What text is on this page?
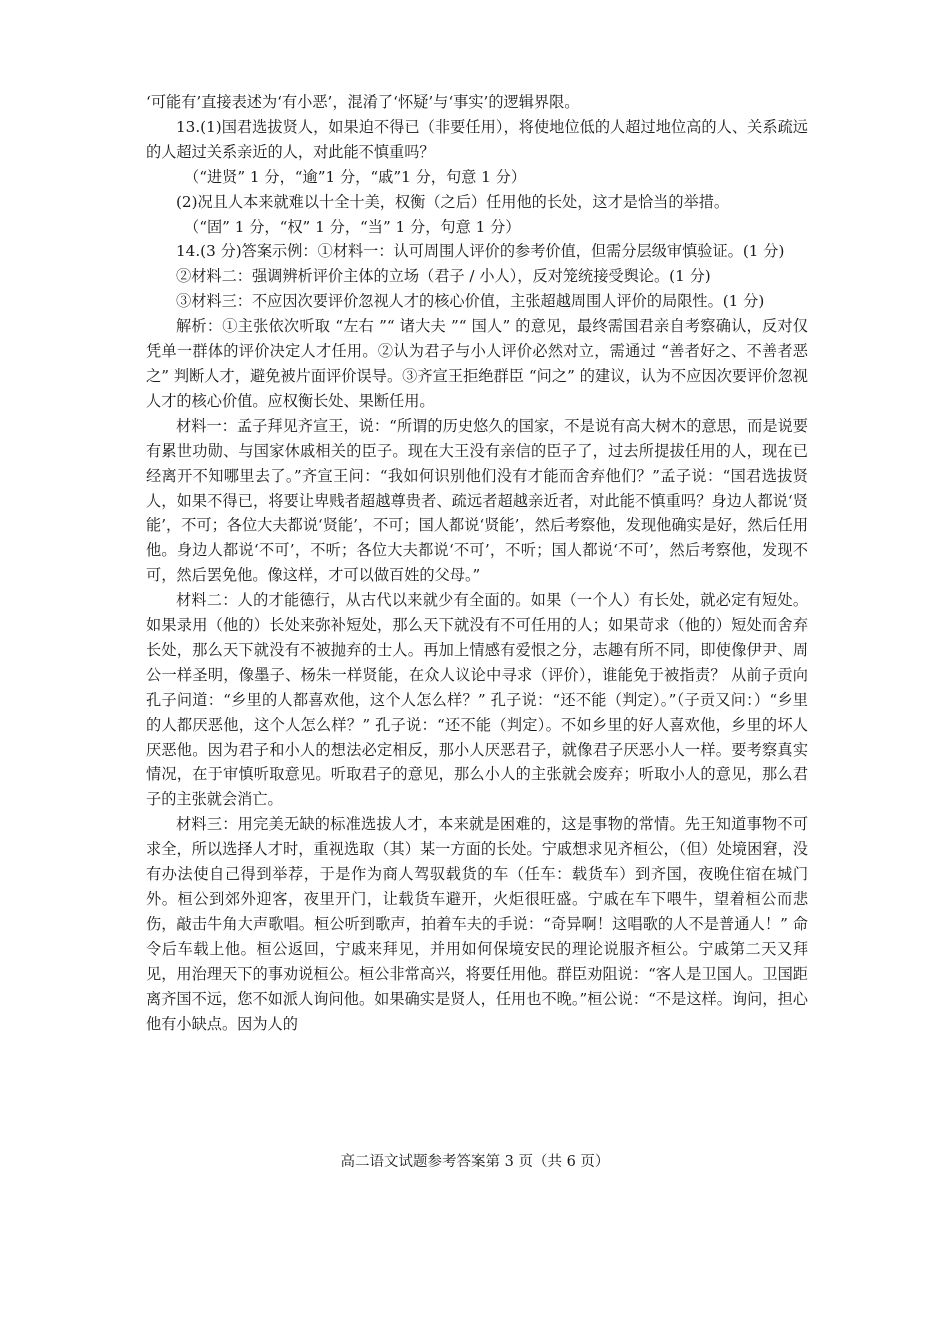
‘可能有’直接表述为‘有小恶’，混淆了‘怀疑’与‘事实’的逻辑界限。

13.(1)国君选拔贤人，如果迫不得已（非要任用），将使地位低的人超过地位高的人、关系疏远的人超过关系亲近的人，对此能不慎重吗？

（“进贤” 1 分，“逾”1 分，“戚”1 分，句意 1 分）

(2)况且人本来就难以十全十美，权衡（之后）任用他的长处，这才是恰当的举措。

（“固” 1 分，“权” 1 分，“当” 1 分，句意 1 分）

14.(3 分)答案示例：①材料一：认可周围人评价的参考价值，但需分层级审慎验证。(1 分)

②材料二：强调辨析评价主体的立场（君子 / 小人），反对笼统接受舆论。(1 分)

③材料三：不应因次要评价忽视人才的核心价值，主张超越周围人评价的局限性。(1 分)

解析：①主张依次听取 “左右 ”“ 诸大夫 ”“ 国人” 的意见，最终需国君亲自考察确认，反对仅凭单一群体的评价决定人才任用。②认为君子与小人评价必然对立，需通过 “善者好之、不善者恶之” 判断人才，避免被片面评价误导。③齐宣王拒绝群臣 “问之” 的建议，认为不应因次要评价忽视人才的核心价值。应权衡长处、果断任用。

材料一：孟子拜见齐宣王，说：“所谓的历史悠久的国家，不是说有高大树木的意思，而是说要有累世功勋、与国家休戚相关的臣子。现在大王没有亲信的臣子了，过去所提拔任用的人，现在已经离开不知哪里去了。”齐宣王问：“我如何识别他们没有才能而舍弃他们？”孟子说：“国君选拔贤人，如果不得已，将要让卑贱者超越尊贵者、疏远者超越亲近者，对此能不慎重吗？身边人都说‘贤能’，不可；各位大夫都说‘贤能’，不可；国人都说‘贤能’，然后考察他，发现他确实是好，然后任用他。身边人都说‘不可’，不听；各位大夫都说‘不可’，不听；国人都说‘不可’，然后考察他，发现不可，然后罢免他。像这样，才可以做百姓的父母。”

材料二：人的才能德行，从古代以来就少有全面的。如果（一个人）有长处，就必定有短处。如果录用（他的）长处来弥补短处，那么天下就没有不可任用的人；如果苛求（他的）短处而舍弃长处，那么天下就没有不被抛弃的士人。再加上情感有爱恨之分，志趣有所不同，即使像伊尹、周公一样圣明，像墨子、杨朱一样贤能，在众人议论中寻求（评价），谁能免于被指责？ 从前子贡向孔子问道：“乡里的人都喜欢他，这个人怎么样？” 孔子说：“还不能（判定）。”（子贡又问：）“乡里的人都厌恶他，这个人怎么样？” 孔子说：“还不能（判定）。不如乡里的好人喜欢他，乡里的坏人厌恶他。因为君子和小人的想法必定相反，那小人厌恶君子，就像君子厌恶小人一样。要考察真实情况，在于审慎听取意见。听取君子的意见，那么小人的主张就会废弃；听取小人的意见，那么君子的主张就会消亡。

材料三：用完美无缺的标准选拔人才，本来就是困难的，这是事物的常情。先王知道事物不可求全，所以选择人才时，重视选取（其）某一方面的长处。宁戚想求见齐桓公，（但）处境困窘，没有办法使自己得到举荐，于是作为商人驾驭载货的车（任车：载货车）到齐国，夜晚住宿在城门外。桓公到郊外迎客，夜里开门，让载货车避开，火炬很旺盛。宁戚在车下喂牛，望着桓公而悲伤，敲击牛角大声歌唱。桓公听到歌声，拍着车夫的手说：“奇异啊！这唱歌的人不是普通人！” 命令后车载上他。桓公返回，宁戚来拜见，并用如何保境安民的理论说服齐桓公。宁戚第二天又拜见，用治理天下的事劝说桓公。桓公非常高兴，将要任用他。群臣劝阻说：“客人是卫国人。卫国距离齐国不远，您不如派人询问他。如果确实是贤人，任用也不晚。”桓公说：“不是这样。询问，担心他有小缺点。因为人的

高二语文试题参考答案第 3 页（共 6 页）
